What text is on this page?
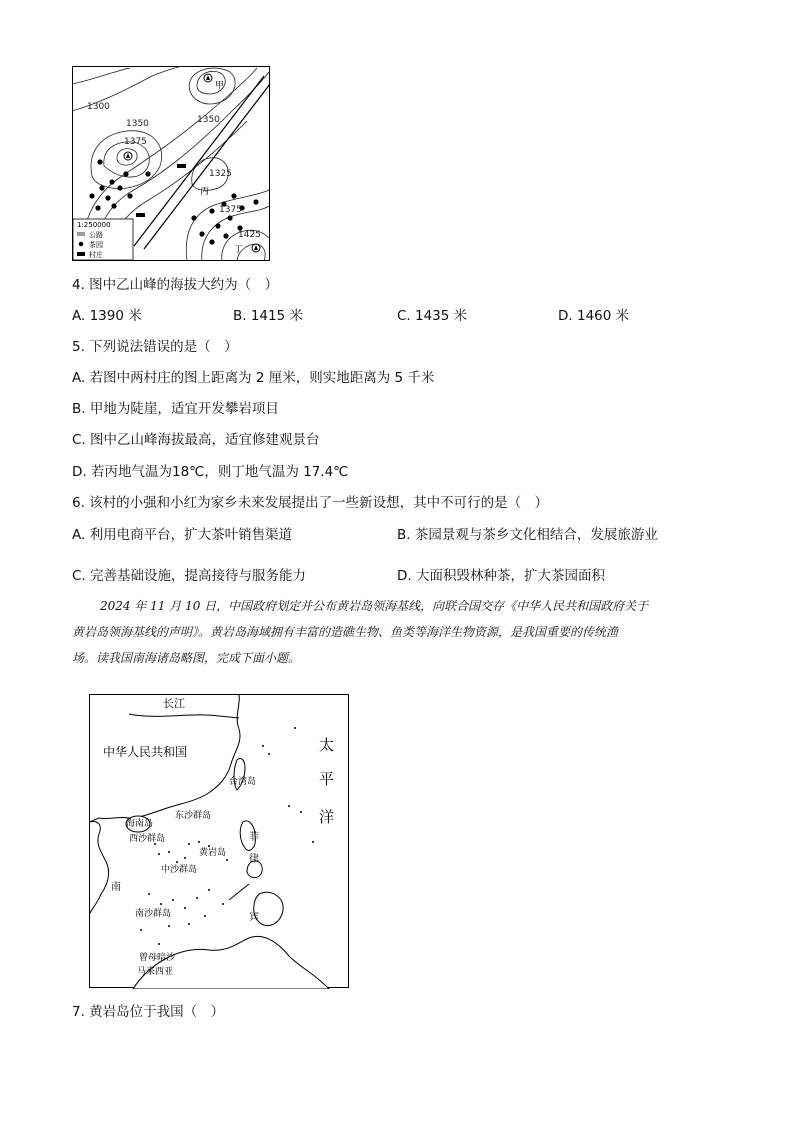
1300
1350	1350
1375
1325
1375
1425
甲
丙
丁
1:250000
公路
茶园
村庄
4. 图中乙山峰的海拔大约为（　）
A. 1390 米	B. 1415 米	C. 1435 米	D. 1460 米
5. 下列说法错误的是（　）
A. 若图中两村庄的图上距离为 2 厘米，则实地距离为 5 千米
B. 甲地为陡崖，适宜开发攀岩项目
C. 图中乙山峰海拔最高，适宜修建观景台
D. 若丙地气温为18℃，则丁地气温为 17.4℃
6. 该村的小强和小红为家乡未来发展提出了一些新设想，其中不可行的是（　）
A. 利用电商平台，扩大茶叶销售渠道	B. 茶园景观与茶乡文化相结合，发展旅游业
C. 完善基础设施，提高接待与服务能力	D. 大面积毁林种茶，扩大茶园面积
2024 年 11 月 10 日，中国政府划定并公布黄岩岛领海基线，向联合国交存《中华人民共和国政府关于
黄岩岛领海基线的声明》。黄岩岛海域拥有丰富的造礁生物、鱼类等海洋生物资源，是我国重要的传统渔
场。读我国南海诸岛略图，完成下面小题。
长江
中华人民共和国
台湾岛
东沙群岛
海南岛
西沙群岛
黄岩岛
中沙群岛
南沙群岛
曾母暗沙
马来西亚
南
菲
律
宾
太
平
洋
7. 黄岩岛位于我国（　）
